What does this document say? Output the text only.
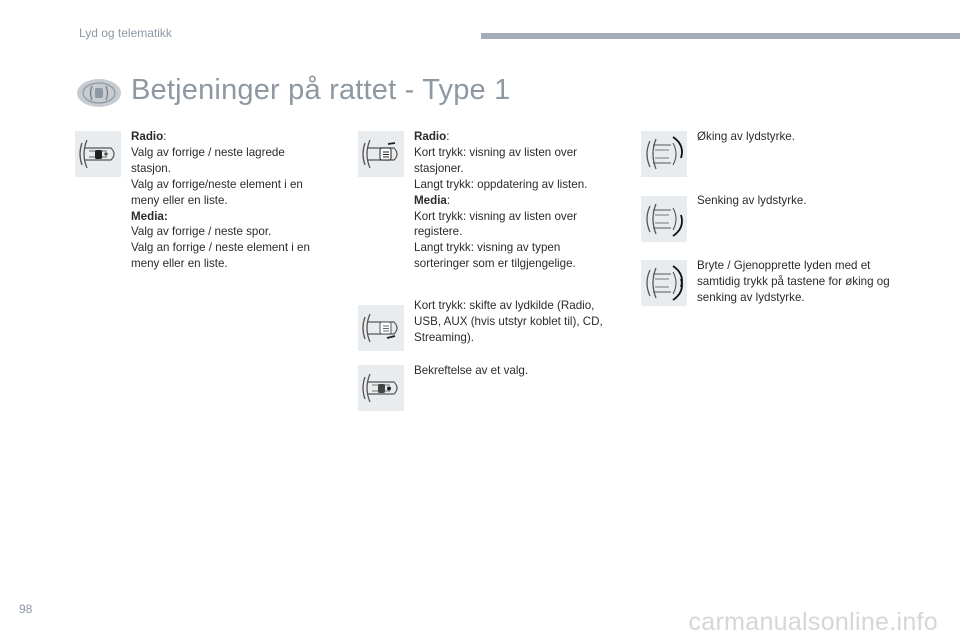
Lyd og telematikk
Betjeninger på rattet - Type 1

Radio:

Valg av forrige / neste lagrede

stasjon.

Valg av forrige/neste element i en

meny eller en liste.

Media:

Valg av forrige / neste spor.

Valg an forrige / neste element i en

meny eller en liste.

Radio:

Kort trykk: visning av listen over

stasjoner.

Langt trykk: oppdatering av listen.

Media:

Kort trykk: visning av listen over

registere.

Langt trykk: visning av typen

sorteringer som er tilgjengelige.

Kort trykk: skifte av lydkilde (Radio,

USB, AUX (hvis utstyr koblet til), CD,

Streaming).

Bekreftelse av et valg.

Øking av lydstyrke.

Senking av lydstyrke.

Bryte / Gjenopprette lyden med et

samtidig trykk på tastene for øking og

senking av lydstyrke.

98	carmanualsonline.info
